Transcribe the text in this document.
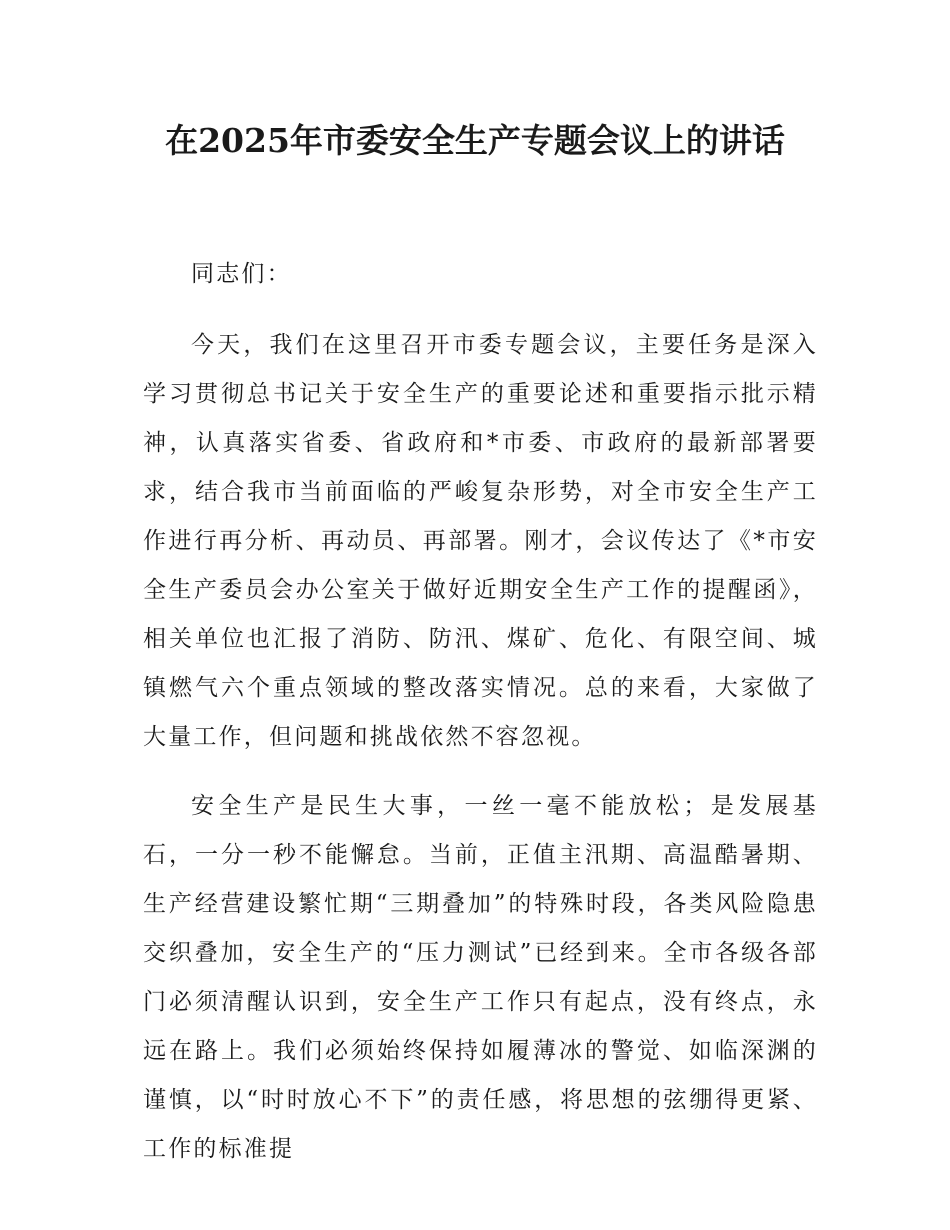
在2025年市委安全生产专题会议上的讲话

同志们：

今天，我们在这里召开市委专题会议，主要任务是深入学习贯彻总书记关于安全生产的重要论述和重要指示批示精神，认真落实省委、省政府和*市委、市政府的最新部署要求，结合我市当前面临的严峻复杂形势，对全市安全生产工作进行再分析、再动员、再部署。刚才，会议传达了《*市安全生产委员会办公室关于做好近期安全生产工作的提醒函》，相关单位也汇报了消防、防汛、煤矿、危化、有限空间、城镇燃气六个重点领域的整改落实情况。总的来看，大家做了大量工作，但问题和挑战依然不容忽视。

安全生产是民生大事，一丝一毫不能放松；是发展基石，一分一秒不能懈怠。当前，正值主汛期、高温酷暑期、生产经营建设繁忙期“三期叠加”的特殊时段，各类风险隐患交织叠加，安全生产的“压力测试”已经到来。全市各级各部门必须清醒认识到，安全生产工作只有起点，没有终点，永远在路上。我们必须始终保持如履薄冰的警觉、如临深渊的谨慎，以“时时放心不下”的责任感，将思想的弦绷得更紧、工作的标准提
